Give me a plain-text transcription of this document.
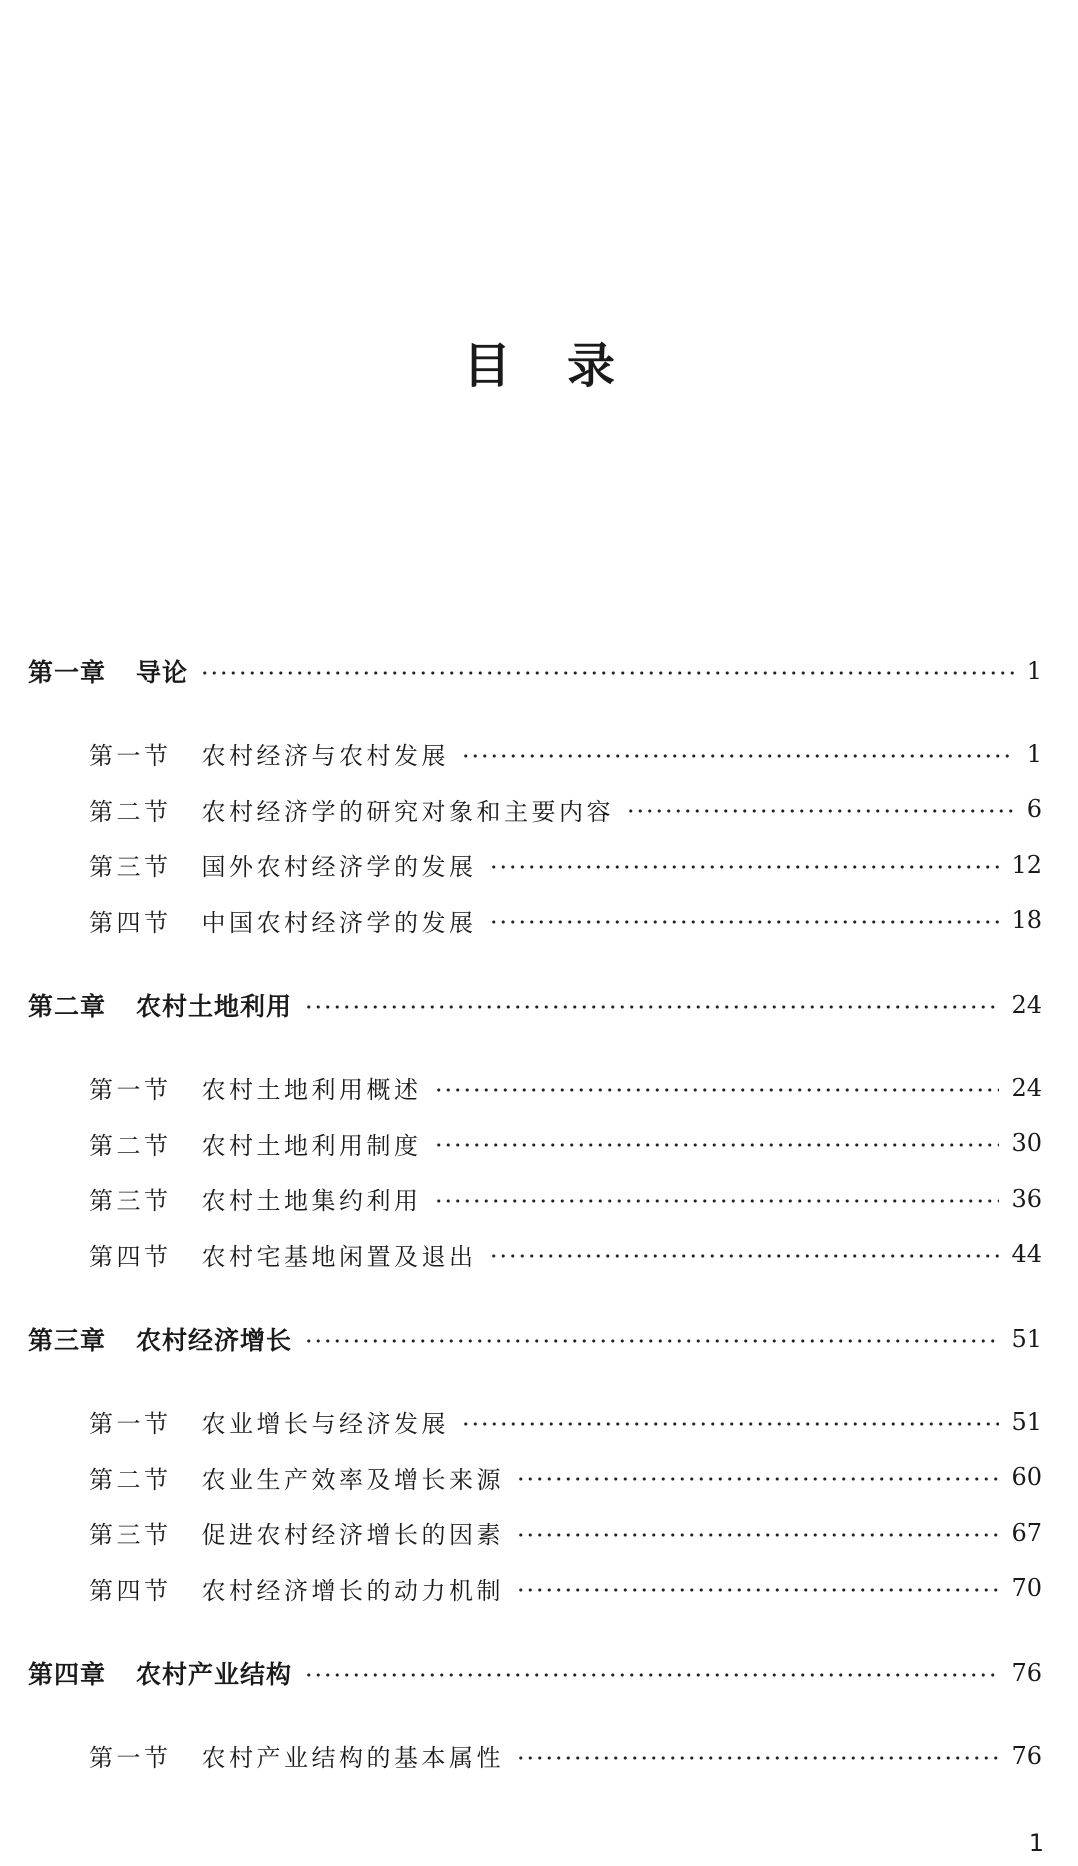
目录
第一章 导论	1
第一节 农村经济与农村发展	1
第二节 农村经济学的研究对象和主要内容	6
第三节 国外农村经济学的发展	12
第四节 中国农村经济学的发展	18
第二章 农村土地利用	24
第一节 农村土地利用概述	24
第二节 农村土地利用制度	30
第三节 农村土地集约利用	36
第四节 农村宅基地闲置及退出	44
第三章 农村经济增长	51
第一节 农业增长与经济发展	51
第二节 农业生产效率及增长来源	60
第三节 促进农村经济增长的因素	67
第四节 农村经济增长的动力机制	70
第四章 农村产业结构	76
第一节 农村产业结构的基本属性	76
1
